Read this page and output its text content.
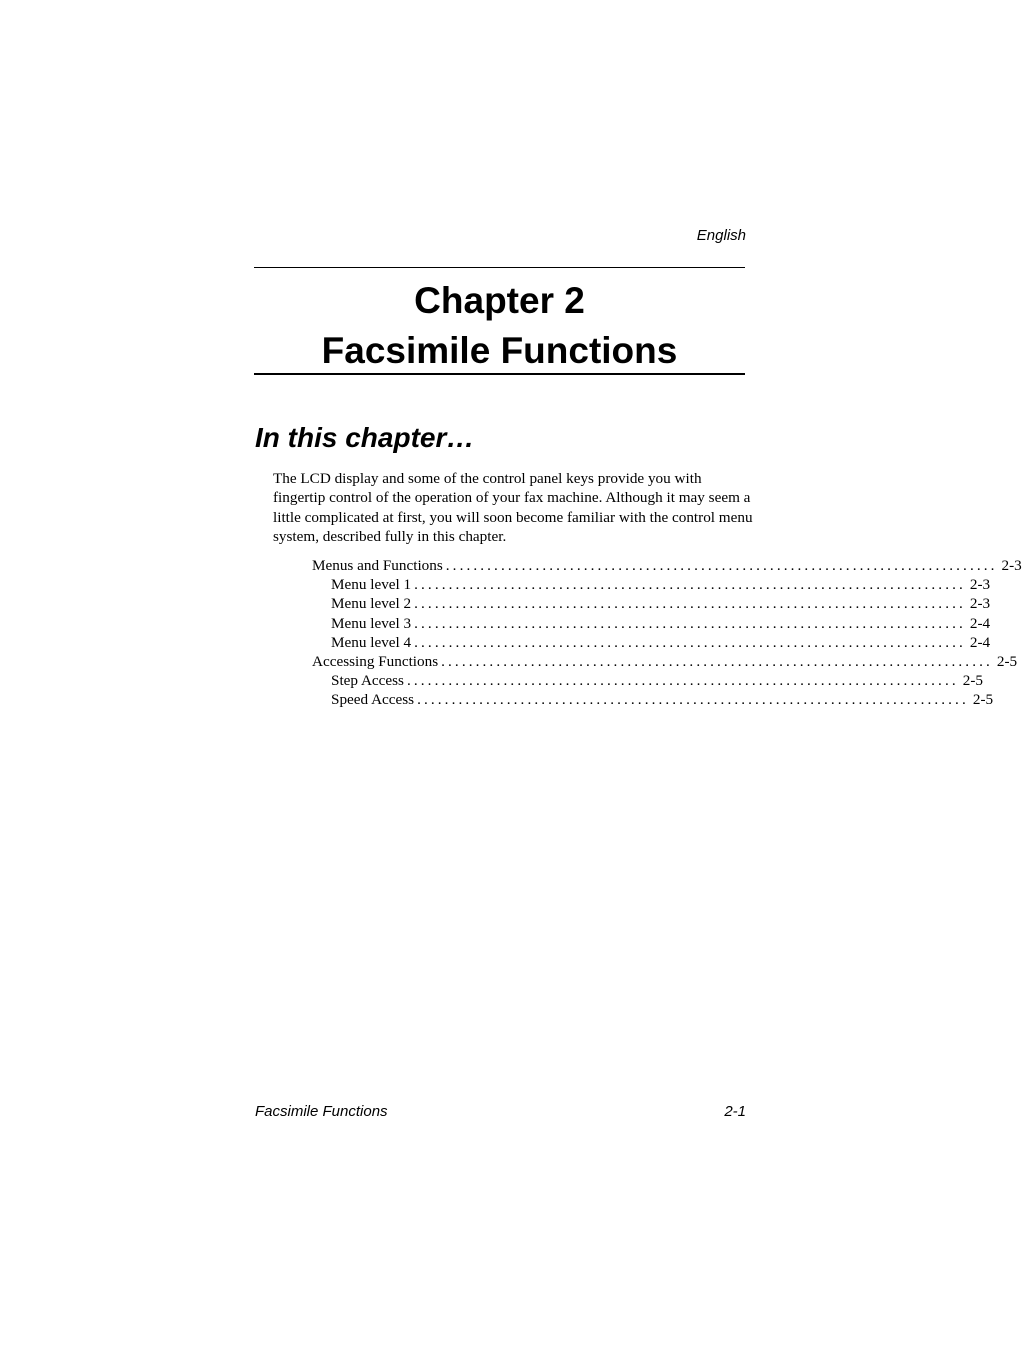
English
Chapter 2
Facsimile Functions
In this chapter…

The LCD display and some of the control panel keys provide you with fingertip control of the operation of your fax machine. Although it may seem a little complicated at first, you will soon become familiar with the control menu system, described fully in this chapter.

Menus and Functions ................................................................................ 2-3
Menu level 1 ................................................................................ 2-3
Menu level 2 ................................................................................ 2-3
Menu level 3 ................................................................................ 2-4
Menu level 4 ................................................................................ 2-4
Accessing Functions ................................................................................ 2-5
Step Access ................................................................................ 2-5
Speed Access ................................................................................ 2-5
Facsimile Functions	2-1
